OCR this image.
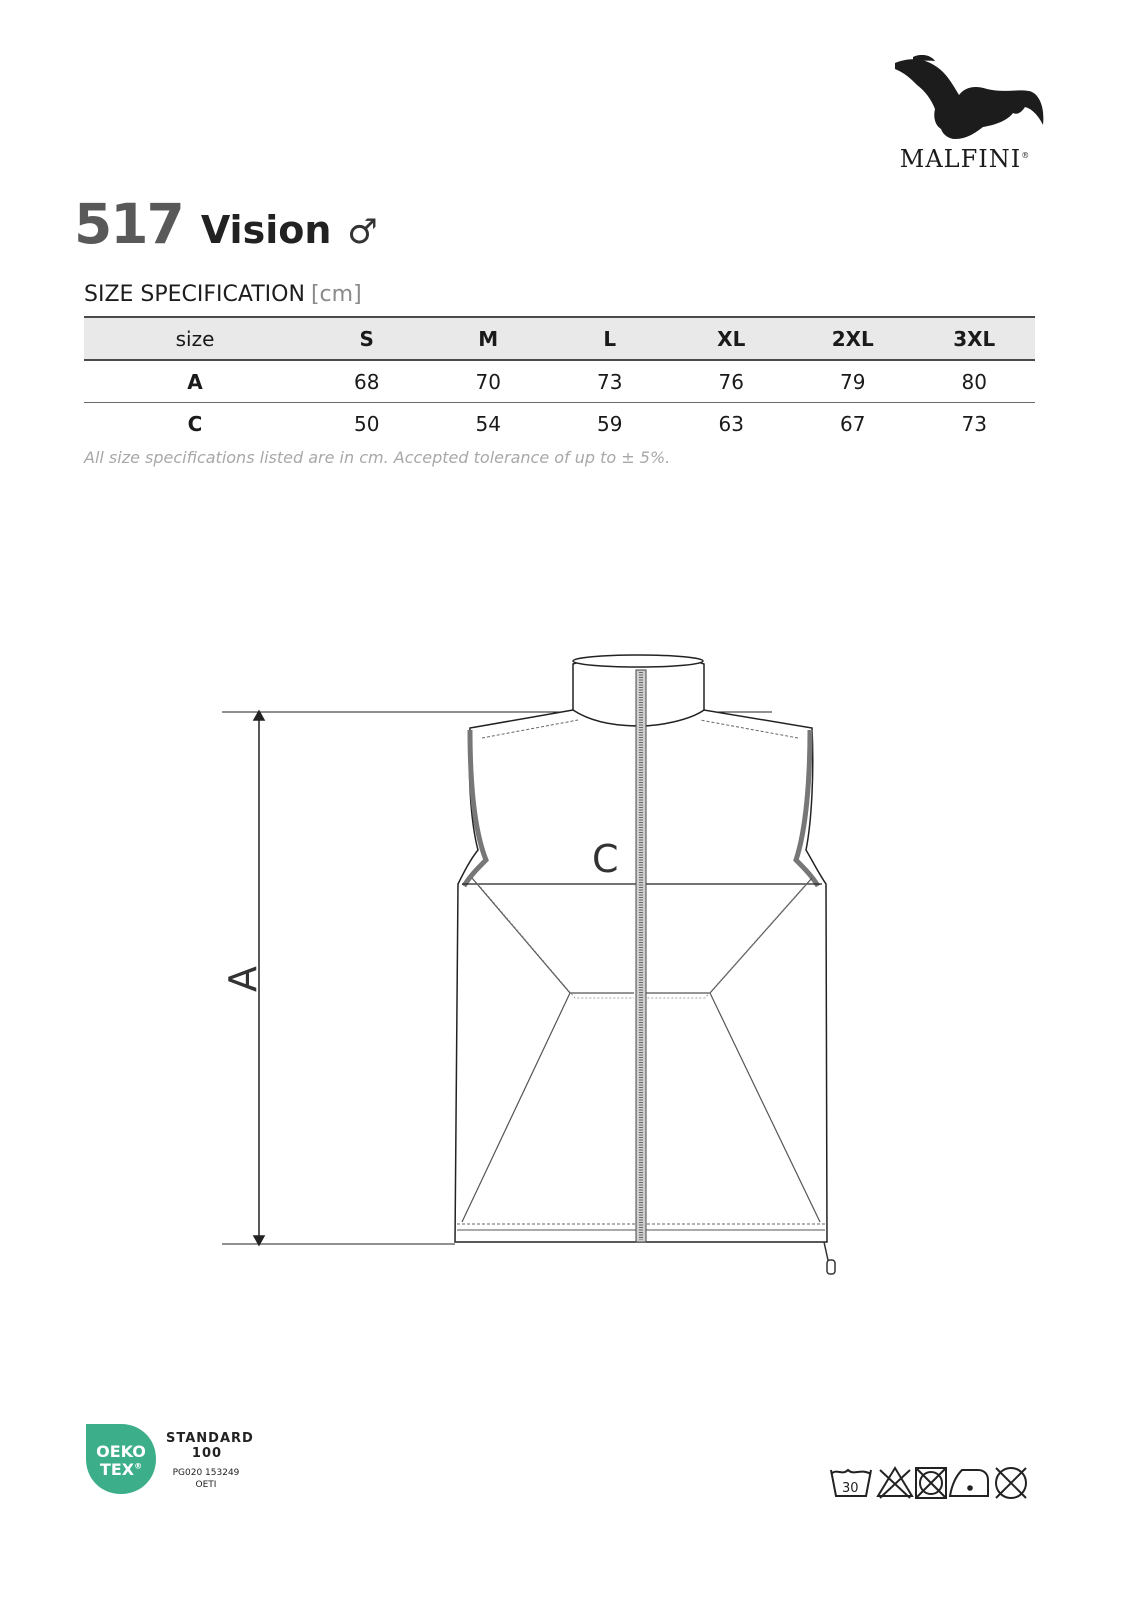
MALFINI®
517 Vision ♂
SIZE SPECIFICATION [cm]
size	S	M	L	XL	2XL	3XL
A	68	70	73	76	79	80
C	50	54	59	63	67	73
All size specifications listed are in cm. Accepted tolerance of up to ± 5%.
C
A
OEKO
TEX®
STANDARD
100
PG020 153249
OETI	30
